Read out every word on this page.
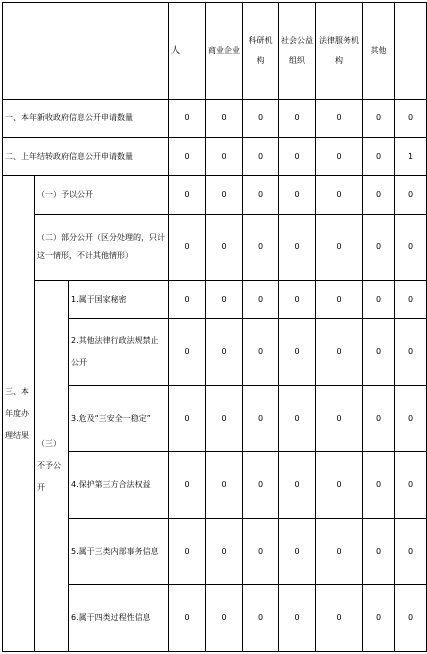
			人	商业企业	科研机构	社会公益组织	法律服务机构	其他	
一、本年新收政府信息公开申请数量			0	0	0	0	0	0	0
二、上年结转政府信息公开申请数量			0	0	0	0	0	0	1
三、本年度办理结果	（一）予以公开		0	0	0	0	0	0	0
	（二）部分公开（区分处理的，只计这一情形，不计其他情形）		0	0	0	0	0	0	0
	（三）不予公开	1.属于国家秘密	0	0	0	0	0	0	0
		2.其他法律行政法规禁止公开	0	0	0	0	0	0	0
		3.危及“三安全一稳定”	0	0	0	0	0	0	0
		4.保护第三方合法权益	0	0	0	0	0	0	0
		5.属于三类内部事务信息	0	0	0	0	0	0	0
		6.属于四类过程性信息	0	0	0	0	0	0	0
